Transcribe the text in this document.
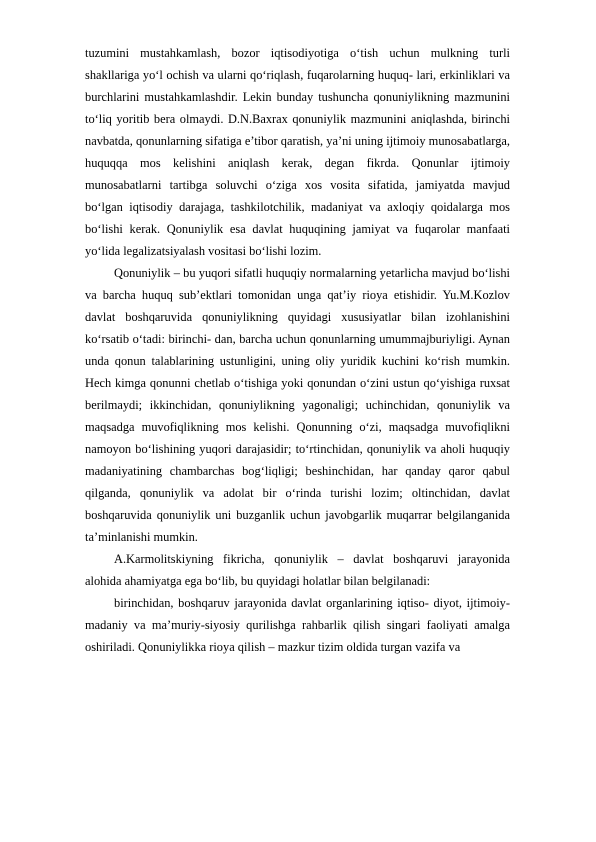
tuzumini mustahkamlash, bozor iqtisodiyotiga o‘tish uchun mulkning turli shakllariga yo‘l ochish va ularni qo‘riqlash, fuqarolarning huquq- lari, erkinliklari va burchlarini mustahkamlashdir. Lekin bunday tushuncha qonuniylikning mazmunini to‘liq yoritib bera olmaydi. D.N.Baxrax qonuniylik mazmunini aniqlashda, birinchi navbatda, qonunlarning sifatiga e’tibor qaratish, ya’ni uning ijtimoiy munosabatlarga, huquqqa mos kelishini aniqlash kerak, degan fikrda. Qonunlar ijtimoiy munosabatlarni tartibga soluvchi o‘ziga xos vosita sifatida, jamiyatda mavjud bo‘lgan iqtisodiy darajaga, tashkilotchilik, madaniyat va axloqiy qoidalarga mos bo‘lishi kerak. Qonuniylik esa davlat huquqining jamiyat va fuqarolar manfaati yo‘lida legalizatsiyalash vositasi bo‘lishi lozim.

Qonuniylik – bu yuqori sifatli huquqiy normalarning yetarlicha mavjud bo‘lishi va barcha huquq sub’ektlari tomonidan unga qat’iy rioya etishidir. Yu.M.Kozlov davlat boshqaruvida qonuniylikning quyidagi xususiyatlar bilan izohlanishini ko‘rsatib o‘tadi: birinchi- dan, barcha uchun qonunlarning umummajburiyligi. Aynan unda qonun talablarining ustunligini, uning oliy yuridik kuchini ko‘rish mumkin. Hech kimga qonunni chetlab o‘tishiga yoki qonundan o‘zini ustun qo‘yishiga ruxsat berilmaydi; ikkinchidan, qonuniylikning yagonaligi; uchinchidan, qonuniylik va maqsadga muvofiqlikning mos kelishi. Qonunning o‘zi, maqsadga muvofiqlikni namoyon bo‘lishining yuqori darajasidir; to‘rtinchidan, qonuniylik va aholi huquqiy madaniyatining chambarchas bog‘liqligi; beshinchidan, har qanday qaror qabul qilganda, qonuniylik va adolat bir o‘rinda turishi lozim; oltinchidan, davlat boshqaruvida qonuniylik uni buzganlik uchun javobgarlik muqarrar belgilanganida ta’minlanishi mumkin.

A.Karmolitskiyning fikricha, qonuniylik – davlat boshqaruvi jarayonida alohida ahamiyatga ega bo‘lib, bu quyidagi holatlar bilan belgilanadi:

birinchidan, boshqaruv jarayonida davlat organlarining iqtiso- diyot, ijtimoiy-madaniy va ma’muriy-siyosiy qurilishga rahbarlik qilish singari faoliyati amalga oshiriladi. Qonuniylikka rioya qilish – mazkur tizim oldida turgan vazifa va
